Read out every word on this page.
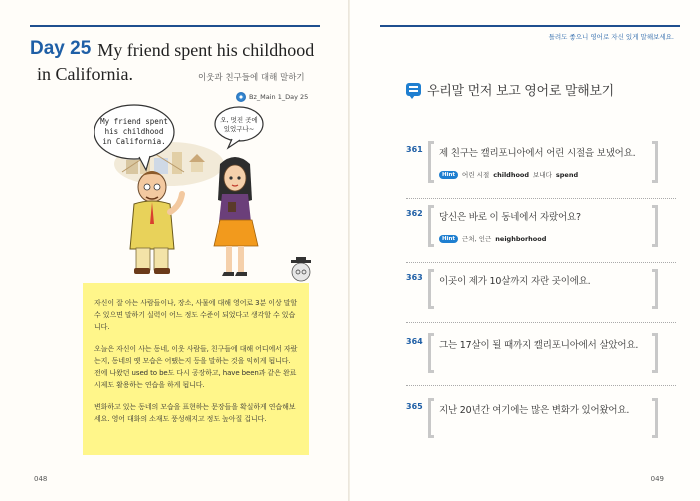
Day 25 My friend spent his childhood
in California.	이웃과 친구들에 대해 말하기
Bz_Main 1_Day 25
My friend spent
his childhood
in California.
오, 멋진 곳에
있었구나~

자신이 잘 아는 사람들이나, 장소, 사물에 대해 영어로 3분 이상 말할 수 있으면 말하기 실력이 어느 정도 수준이 되었다고 생각할 수 있습니다.

오늘은 자신이 사는 동네, 이웃 사람들, 친구들에 대해 어디에서 자랐는지, 동네의 옛 모습은 어땠는지 등을 말하는 것을 익히게 됩니다. 전에 나왔던 used to be도 다시 공장하고, have been과 같은 완료시제도 활용하는 연습을 하게 됩니다.

변화하고 있는 동네의 모습을 표현하는 문장들을 확실하게 연습해보세요. 영어 대화의 소재도 풍성해지고 정도 높아질 겁니다.

048
틀려도 좋으니 영어로 자신 있게 말해보세요.
우리말 먼저 보고 영어로 말해보기
361 제 친구는 캘리포니아에서 어린 시절을 보냈어요.
Hint	어린 시절 childhood 보내다 spend
362 당신은 바로 이 동네에서 자랐어요?
Hint	근처, 인근 neighborhood
363 이곳이 제가 10살까지 자란 곳이에요.
364 그는 17살이 될 때까지 캘리포니아에서 살았어요.
365 지난 20년간 여기에는 많은 변화가 있어왔어요.
049
